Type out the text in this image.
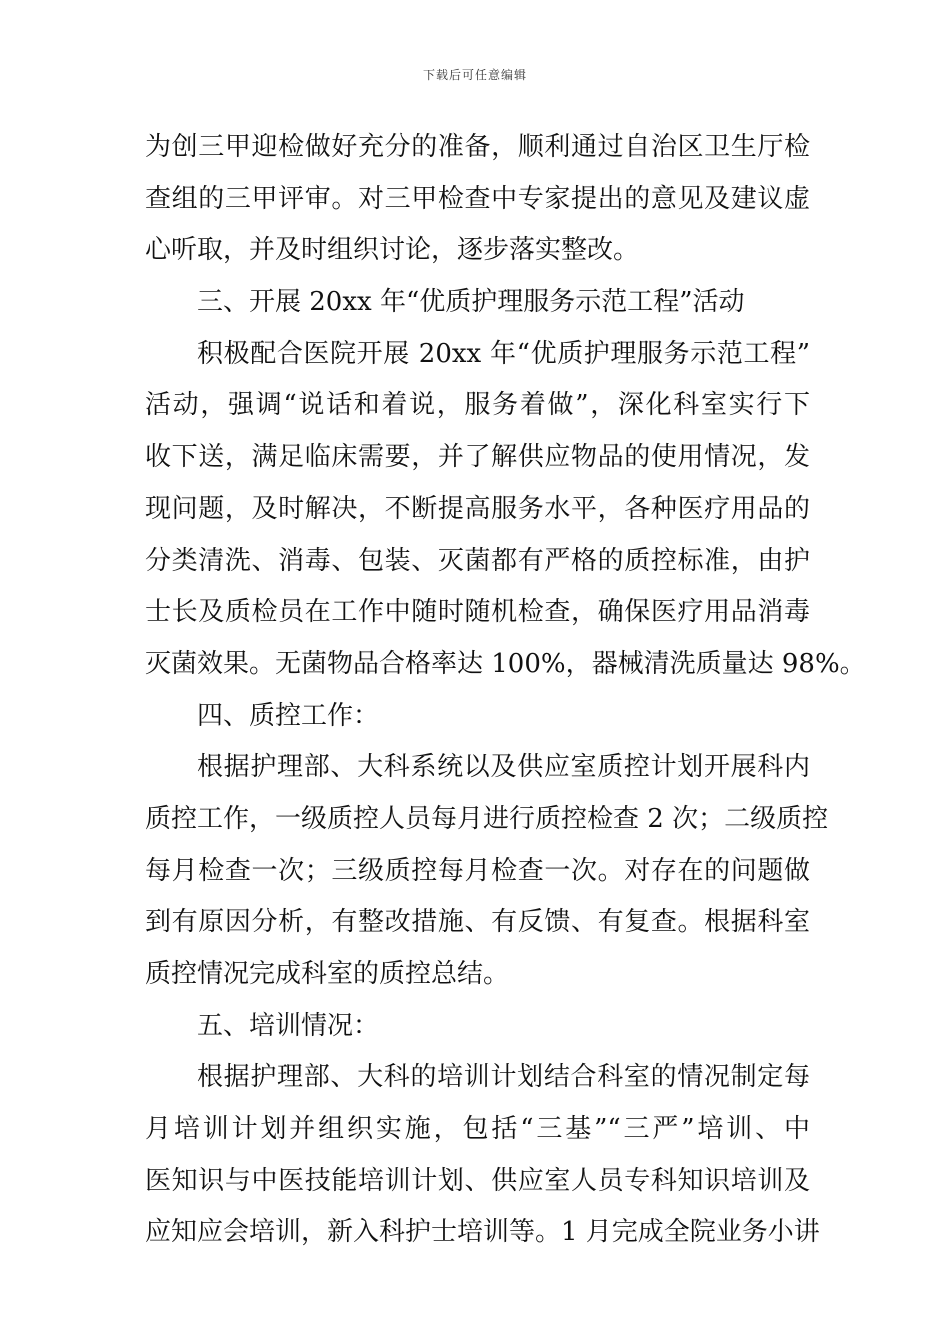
下载后可任意编辑
为创三甲迎检做好充分的准备，顺利通过自治区卫生厅检
查组的三甲评审。对三甲检查中专家提出的意见及建议虚
心听取，并及时组织讨论，逐步落实整改。
三、开展 20xx 年“优质护理服务示范工程”活动
积极配合医院开展 20xx 年“优质护理服务示范工程”
活动，强调“说话和着说，服务着做”，深化科室实行下
收下送，满足临床需要，并了解供应物品的使用情况，发
现问题，及时解决，不断提高服务水平，各种医疗用品的
分类清洗、消毒、包装、灭菌都有严格的质控标准，由护
士长及质检员在工作中随时随机检查，确保医疗用品消毒
灭菌效果。无菌物品合格率达 100%，器械清洗质量达 98%。
四、质控工作：
根据护理部、大科系统以及供应室质控计划开展科内
质控工作，一级质控人员每月进行质控检查 2 次；二级质控
每月检查一次；三级质控每月检查一次。对存在的问题做
到有原因分析，有整改措施、有反馈、有复查。根据科室
质控情况完成科室的质控总结。
五、培训情况：
根据护理部、大科的培训计划结合科室的情况制定每
月培训计划并组织实施，包括“三基”“三严”培训、中
医知识与中医技能培训计划、供应室人员专科知识培训及
应知应会培训，新入科护士培训等。1 月完成全院业务小讲
